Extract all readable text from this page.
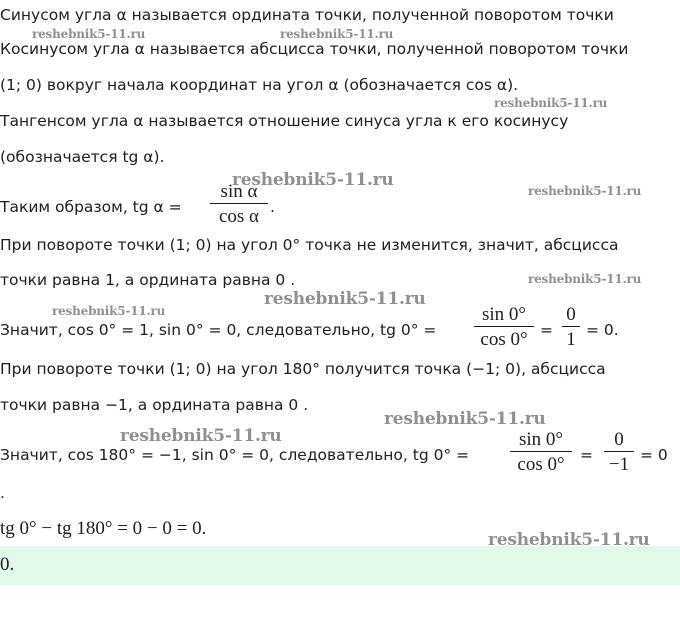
Синусом угла α называется ордината точки, полученной поворотом точки
Косинусом угла α называется абсцисса точки, полученной поворотом точки
(1; 0) вокруг начала координат на угол α (обозначается cos α).
Тангенсом угла α называется отношение синуса угла к его косинусу
(обозначается tg α).
Таким образом, tg α =
sin α
cos α .
При повороте точки (1; 0) на угол 0° точка не изменится, значит, абсцисса
точки равна 1, а ордината равна 0 .
Значит, cos 0° = 1, sin 0° = 0, следовательно, tg 0° =
sin 0°
cos 0° =
0
1 = 0.
При повороте точки (1; 0) на угол 180° получится точка (−1; 0), абсцисса
точки равна −1, а ордината равна 0 .
Значит, cos 180° = −1, sin 0° = 0, следовательно, tg 0° =
sin 0°
cos 0° =
0
−1 = 0
.
tg 0° − tg 180° = 0 − 0 = 0.
0.
reshebnik5-11.ru	reshebnik5-11.ru
reshebnik5-11.ru
reshebnik5-11.ru
reshebnik5-11.ru
reshebnik5-11.ru
reshebnik5-11.ru
reshebnik5-11.ru
reshebnik5-11.ru
reshebnik5-11.ru
reshebnik5-11.ru
